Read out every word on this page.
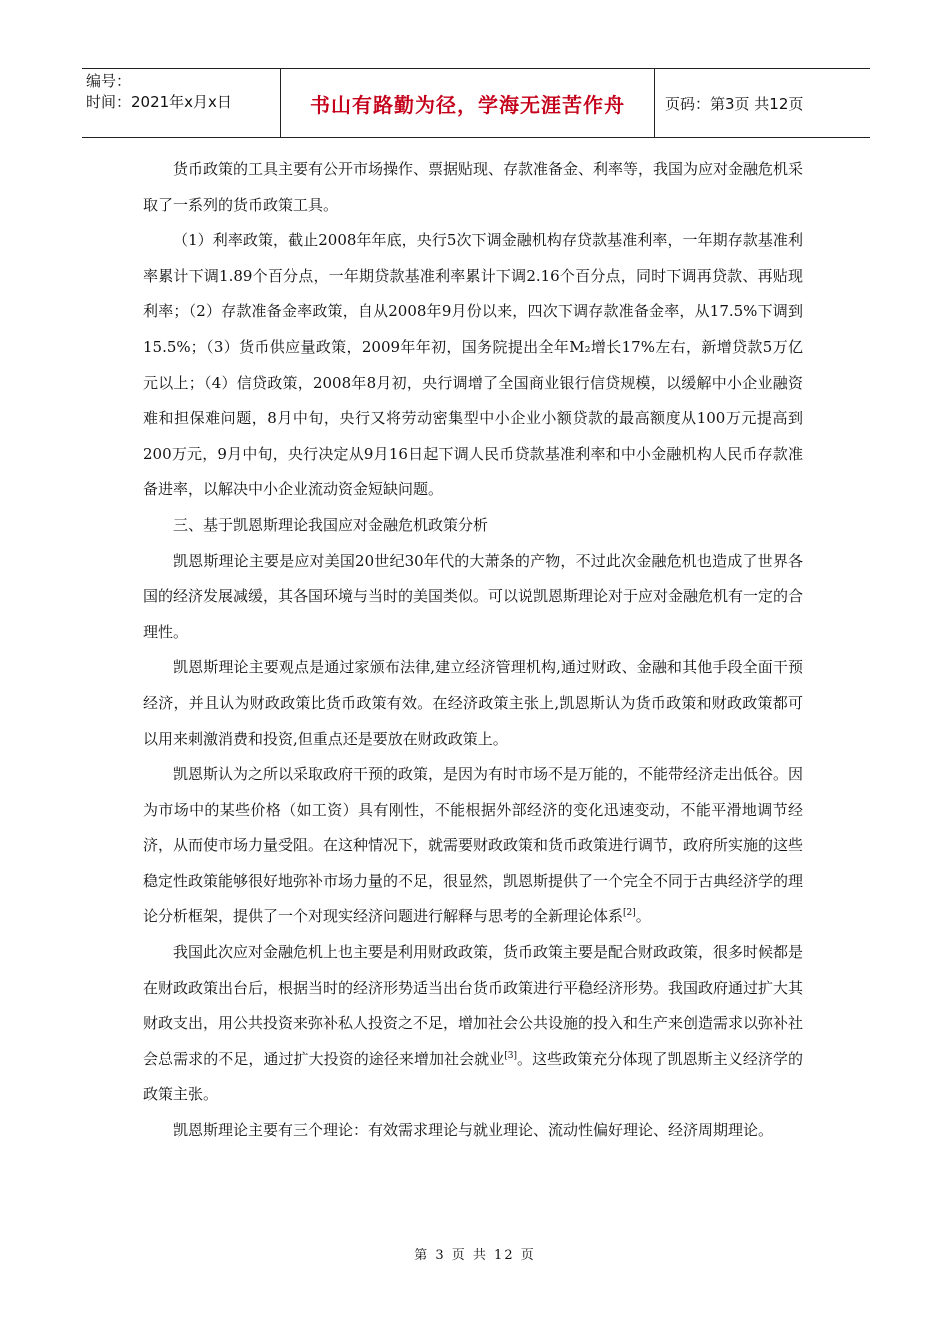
编号：
时间：2021年x月x日	书山有路勤为径，学海无涯苦作舟	页码：第3页 共12页

货币政策的工具主要有公开市场操作、票据贴现、存款准备金、利率等，我国为应对金融危机采取了一系列的货币政策工具。

（1）利率政策，截止2008年年底，央行5次下调金融机构存贷款基准利率，一年期存款基准利率累计下调1.89个百分点，一年期贷款基准利率累计下调2.16个百分点，同时下调再贷款、再贴现利率；（2）存款准备金率政策，自从2008年9月份以来，四次下调存款准备金率，从17.5%下调到15.5%；（3）货币供应量政策，2009年年初，国务院提出全年M₂增长17%左右，新增贷款5万亿元以上；（4）信贷政策，2008年8月初，央行调增了全国商业银行信贷规模，以缓解中小企业融资难和担保难问题，8月中旬，央行又将劳动密集型中小企业小额贷款的最高额度从100万元提高到200万元，9月中旬，央行决定从9月16日起下调人民币贷款基准利率和中小金融机构人民币存款准备进率，以解决中小企业流动资金短缺问题。

三、基于凯恩斯理论我国应对金融危机政策分析

凯恩斯理论主要是应对美国20世纪30年代的大萧条的产物，不过此次金融危机也造成了世界各国的经济发展减缓，其各国环境与当时的美国类似。可以说凯恩斯理论对于应对金融危机有一定的合理性。

凯恩斯理论主要观点是通过家颁布法律,建立经济管理机构,通过财政、金融和其他手段全面干预经济，并且认为财政政策比货币政策有效。在经济政策主张上,凯恩斯认为货币政策和财政政策都可以用来刺激消费和投资,但重点还是要放在财政政策上。

凯恩斯认为之所以采取政府干预的政策，是因为有时市场不是万能的，不能带经济走出低谷。因为市场中的某些价格（如工资）具有刚性，不能根据外部经济的变化迅速变动，不能平滑地调节经济，从而使市场力量受阻。在这种情况下，就需要财政政策和货币政策进行调节，政府所实施的这些稳定性政策能够很好地弥补市场力量的不足，很显然，凯恩斯提供了一个完全不同于古典经济学的理论分析框架，提供了一个对现实经济问题进行解释与思考的全新理论体系[2]。

我国此次应对金融危机上也主要是利用财政政策，货币政策主要是配合财政政策，很多时候都是在财政政策出台后，根据当时的经济形势适当出台货币政策进行平稳经济形势。我国政府通过扩大其财政支出，用公共投资来弥补私人投资之不足，增加社会公共设施的投入和生产来创造需求以弥补社会总需求的不足，通过扩大投资的途径来增加社会就业[3]。这些政策充分体现了凯恩斯主义经济学的政策主张。

凯恩斯理论主要有三个理论：有效需求理论与就业理论、流动性偏好理论、经济周期理论。

第 3 页 共 12 页
